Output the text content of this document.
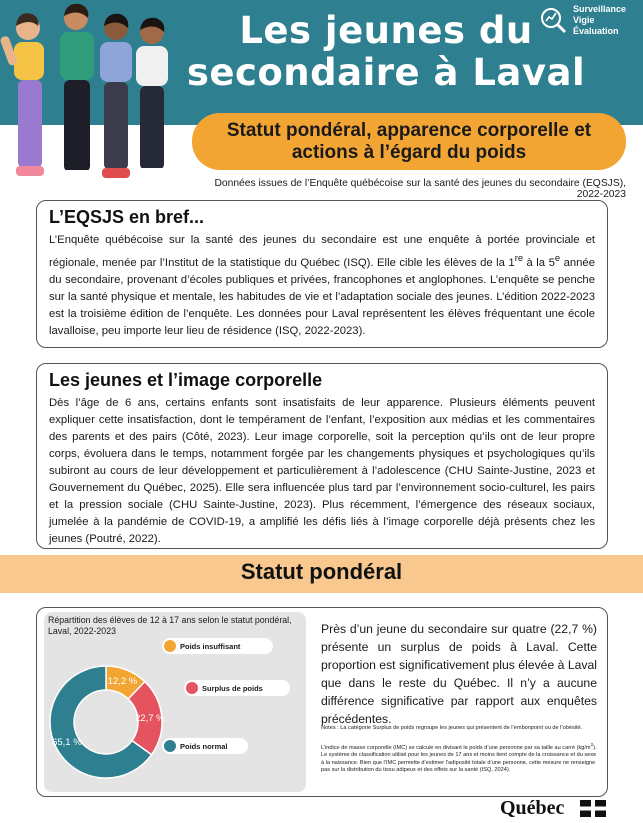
Les jeunes du secondaire à Laval
Surveillance
Vigie
Évaluation
Statut pondéral, apparence corporelle et actions à l’égard du poids
Données issues de l’Enquête québécoise sur la santé des jeunes du secondaire (EQSJS), 2022-2023
L’EQSJS en bref...

L’Enquête québécoise sur la santé des jeunes du secondaire est une enquête à portée provinciale et régionale, menée par l’Institut de la statistique du Québec (ISQ). Elle cible les élèves de la 1re à la 5e année du secondaire, provenant d’écoles publiques et privées, francophones et anglophones. L’enquête se penche sur la santé physique et mentale, les habitudes de vie et l’adaptation sociale des jeunes. L’édition 2022-2023 est la troisième édition de l’enquête. Les données pour Laval représentent les élèves fréquentant une école lavalloise, peu importe leur lieu de résidence (ISQ, 2022-2023).

Les jeunes et l’image corporelle

Dès l’âge de 6 ans, certains enfants sont insatisfaits de leur apparence. Plusieurs éléments peuvent expliquer cette insatisfaction, dont le tempérament de l’enfant, l’exposition aux médias et les commentaires des parents et des pairs (Côté, 2023). Leur image corporelle, soit la perception qu’ils ont de leur propre corps, évoluera dans le temps, notamment forgée par les changements physiques et psychologiques qu’ils subiront au cours de leur développement et particulièrement à l’adolescence (CHU Sainte-Justine, 2023 et Gouvernement du Québec, 2025). Elle sera influencée plus tard par l’environnement socio-culturel, les pairs et la pression sociale (CHU Sainte-Justine, 2023). Plus récemment, l’émergence des réseaux sociaux, jumelée à la pandémie de COVID-19, a amplifié les défis liés à l’image corporelle déjà présents chez les jeunes (Poutré, 2022).

Statut pondéral
Répartition des élèves de 12 à 17 ans selon le statut pondéral, Laval, 2022-2023
12,2 %
Poids insuffisant
22,7 %
Surplus de poids
65,1 %	Poids normal

Près d’un jeune du secondaire sur quatre (22,7 %) présente un surplus de poids à Laval. Cette proportion est significativement plus élevée à Laval que dans le reste du Québec. Il n’y a aucune différence significative par rapport aux enquêtes précédentes.

Notes : La catégorie Surplus de poids regroupe les jeunes qui présentent de l’embonpoint ou de l’obésité.

L’indice de masse corporelle (IMC) se calcule en divisant le poids d’une personne par sa taille au carré $(kg/m^2)$. Le système de classification utilisé pour les jeunes de 17 ans et moins tient compte de la croissance et du sexe à la naissance. Bien que l’IMC permette d’estimer l’adiposité totale d’une personne, cette mesure ne renseigne pas sur la distribution du tissu adipeux et des effets sur la santé (ISQ, 2024).

Québec
